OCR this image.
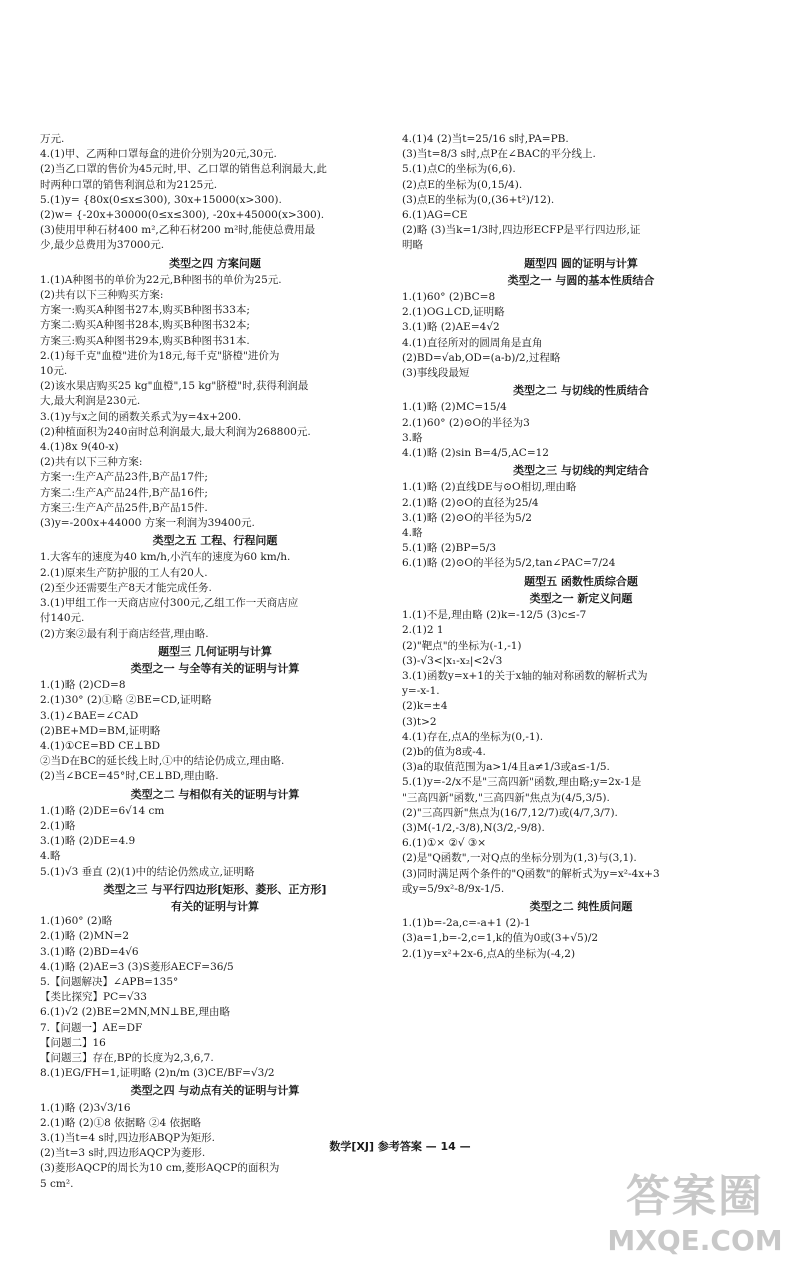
万元.
4.(1)甲、乙两种口罩每盒的进价分别为20元,30元.
(2)当乙口罩的售价为45元时,甲、乙口罩的销售总利润最大,此
时两种口罩的销售利润总和为2125元.
5.(1)y= {80x(0≤x≤300), 30x+15000(x>300).
(2)w= {-20x+30000(0≤x≤300), -20x+45000(x>300).
(3)使用甲种石材400 m²,乙种石材200 m²时,能使总费用最
少,最少总费用为37000元.
类型之四 方案问题
1.(1)A种图书的单价为22元,B种图书的单价为25元.
(2)共有以下三种购买方案:
方案一:购买A种图书27本,购买B种图书33本;
方案二:购买A种图书28本,购买B种图书32本;
方案三:购买A种图书29本,购买B种图书31本.
2.(1)每千克"血橙"进价为18元,每千克"脐橙"进价为
10元.
(2)该水果店购买25 kg"血橙",15 kg"脐橙"时,获得利润最
大,最大利润是230元.
3.(1)y与x之间的函数关系式为y=4x+200.
(2)种植面积为240亩时总利润最大,最大利润为268800元.
4.(1)8x 9(40-x)
(2)共有以下三种方案:
方案一:生产A产品23件,B产品17件;
方案二:生产A产品24件,B产品16件;
方案三:生产A产品25件,B产品15件.
(3)y=-200x+44000 方案一利润为39400元.
类型之五 工程、行程问题
1.大客车的速度为40 km/h,小汽车的速度为60 km/h.
2.(1)原来生产防护服的工人有20人.
(2)至少还需要生产8天才能完成任务.
3.(1)甲组工作一天商店应付300元,乙组工作一天商店应
付140元.
(2)方案②最有利于商店经营,理由略.
题型三 几何证明与计算
类型之一 与全等有关的证明与计算
1.(1)略 (2)CD=8
2.(1)30° (2)①略 ②BE=CD,证明略
3.(1)∠BAE=∠CAD
(2)BE+MD=BM,证明略
4.(1)①CE=BD CE⊥BD
②当D在BC的延长线上时,①中的结论仍成立,理由略.
(2)当∠BCE=45°时,CE⊥BD,理由略.
类型之二 与相似有关的证明与计算
1.(1)略 (2)DE=6√14 cm
2.(1)略
3.(1)略 (2)DE=4.9
4.略
5.(1)√3 垂直 (2)(1)中的结论仍然成立,证明略
类型之三 与平行四边形[矩形、菱形、正方形]
有关的证明与计算
1.(1)60° (2)略
2.(1)略 (2)MN=2
3.(1)略 (2)BD=4√6
4.(1)略 (2)AE=3 (3)S菱形AECF=36/5
5.【问题解决】∠APB=135°
【类比探究】PC=√33
6.(1)√2 (2)BE=2MN,MN⊥BE,理由略
7.【问题一】AE=DF
【问题二】16
【问题三】存在,BP的长度为2,3,6,7.
8.(1)EG/FH=1,证明略 (2)n/m (3)CE/BF=√3/2
类型之四 与动点有关的证明与计算
1.(1)略 (2)3√3/16
2.(1)略 (2)①8 依据略 ②4 依据略
3.(1)当t=4 s时,四边形ABQP为矩形.
(2)当t=3 s时,四边形AQCP为菱形.
(3)菱形AQCP的周长为10 cm,菱形AQCP的面积为
5 cm².
4.(1)4 (2)当t=25/16 s时,PA=PB.
(3)当t=8/3 s时,点P在∠BAC的平分线上.
5.(1)点C的坐标为(6,6).
(2)点E的坐标为(0,15/4).
(3)点E的坐标为(0,(36+t²)/12).
6.(1)AG=CE
(2)略 (3)当k=1/3时,四边形ECFP是平行四边形,证
明略
题型四 圆的证明与计算
类型之一 与圆的基本性质结合
1.(1)60° (2)BC=8
2.(1)OG⊥CD,证明略
3.(1)略 (2)AE=4√2
4.(1)直径所对的圆周角是直角
(2)BD=√ab,OD=(a-b)/2,过程略
(3)事线段最短
类型之二 与切线的性质结合
1.(1)略 (2)MC=15/4
2.(1)60° (2)⊙O的半径为3
3.略
4.(1)略 (2)sin B=4/5,AC=12
类型之三 与切线的判定结合
1.(1)略 (2)直线DE与⊙O相切,理由略
2.(1)略 (2)⊙O的直径为25/4
3.(1)略 (2)⊙O的半径为5/2
4.略
5.(1)略 (2)BP=5/3
6.(1)略 (2)⊙O的半径为5/2,tan∠PAC=7/24
题型五 函数性质综合题
类型之一 新定义问题
1.(1)不是,理由略 (2)k=-12/5 (3)c≤-7
2.(1)2 1
(2)"靶点"的坐标为(-1,-1)
(3)-√3<|x₁-x₂|<2√3
3.(1)函数y=x+1的关于x轴的轴对称函数的解析式为
y=-x-1.
(2)k=±4
(3)t>2
4.(1)存在,点A的坐标为(0,-1).
(2)b的值为8或-4.
(3)a的取值范围为a>1/4且a≠1/3或a≤-1/5.
5.(1)y=-2/x不是"三高四新"函数,理由略;y=2x-1是
"三高四新"函数,"三高四新"焦点为(4/5,3/5).
(2)"三高四新"焦点为(16/7,12/7)或(4/7,3/7).
(3)M(-1/2,-3/8),N(3/2,-9/8).
6.(1)①× ②√ ③×
(2)是"Q函数",一对Q点的坐标分别为(1,3)与(3,1).
(3)同时满足两个条件的"Q函数"的解析式为y=x²-4x+3
或y=5/9x²-8/9x-1/5.
类型之二 纯性质问题
1.(1)b=-2a,c=-a+1 (2)-1
(3)a=1,b=-2,c=1,k的值为0或(3+√5)/2
2.(1)y=x²+2x-6,点A的坐标为(-4,2)
数学[XJ] 参考答案 — 14 —
答案圈
MXQE.COM
